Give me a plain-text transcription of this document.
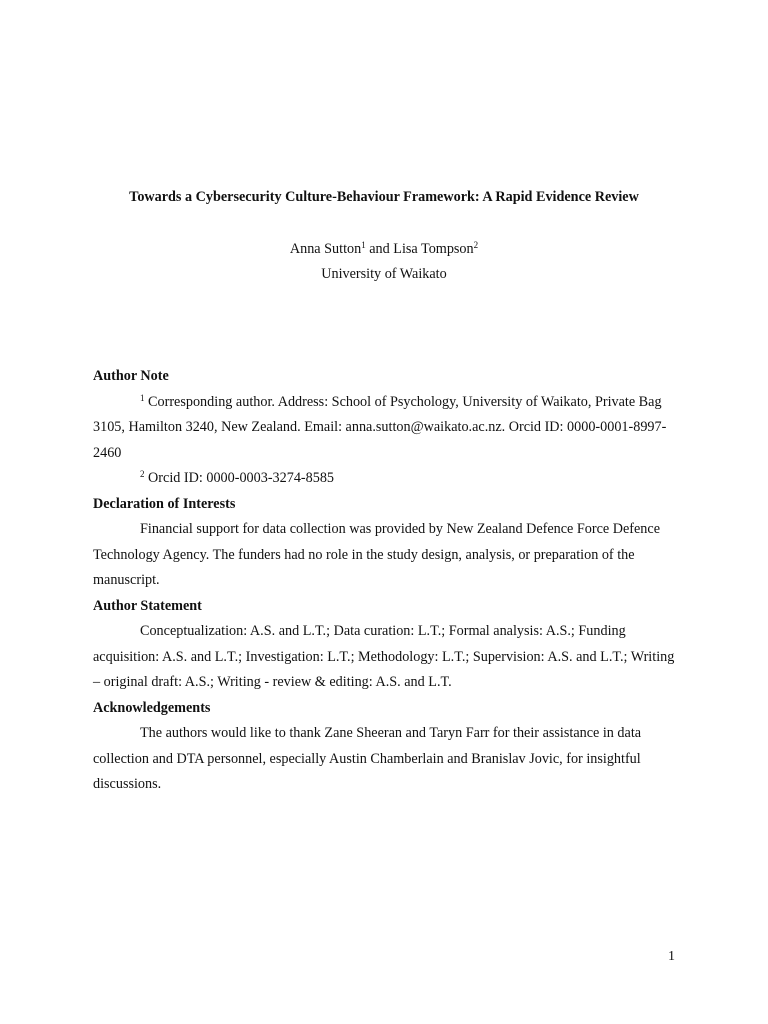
Towards a Cybersecurity Culture-Behaviour Framework: A Rapid Evidence Review
Anna Sutton$^1$ and Lisa Tompson$^2$
University of Waikato

Author Note

$^1$ Corresponding author. Address: School of Psychology, University of Waikato, Private Bag 3105, Hamilton 3240, New Zealand. Email: anna.sutton@waikato.ac.nz. Orcid ID: 0000-0001-8997-2460

$^2$ Orcid ID: 0000-0003-3274-8585

Declaration of Interests

Financial support for data collection was provided by New Zealand Defence Force Defence Technology Agency. The funders had no role in the study design, analysis, or preparation of the manuscript.

Author Statement

Conceptualization: A.S. and L.T.; Data curation: L.T.; Formal analysis: A.S.; Funding acquisition: A.S. and L.T.; Investigation: L.T.; Methodology: L.T.; Supervision: A.S. and L.T.; Writing – original draft: A.S.; Writing - review & editing: A.S. and L.T.

Acknowledgements

The authors would like to thank Zane Sheeran and Taryn Farr for their assistance in data collection and DTA personnel, especially Austin Chamberlain and Branislav Jovic, for insightful discussions.

1
